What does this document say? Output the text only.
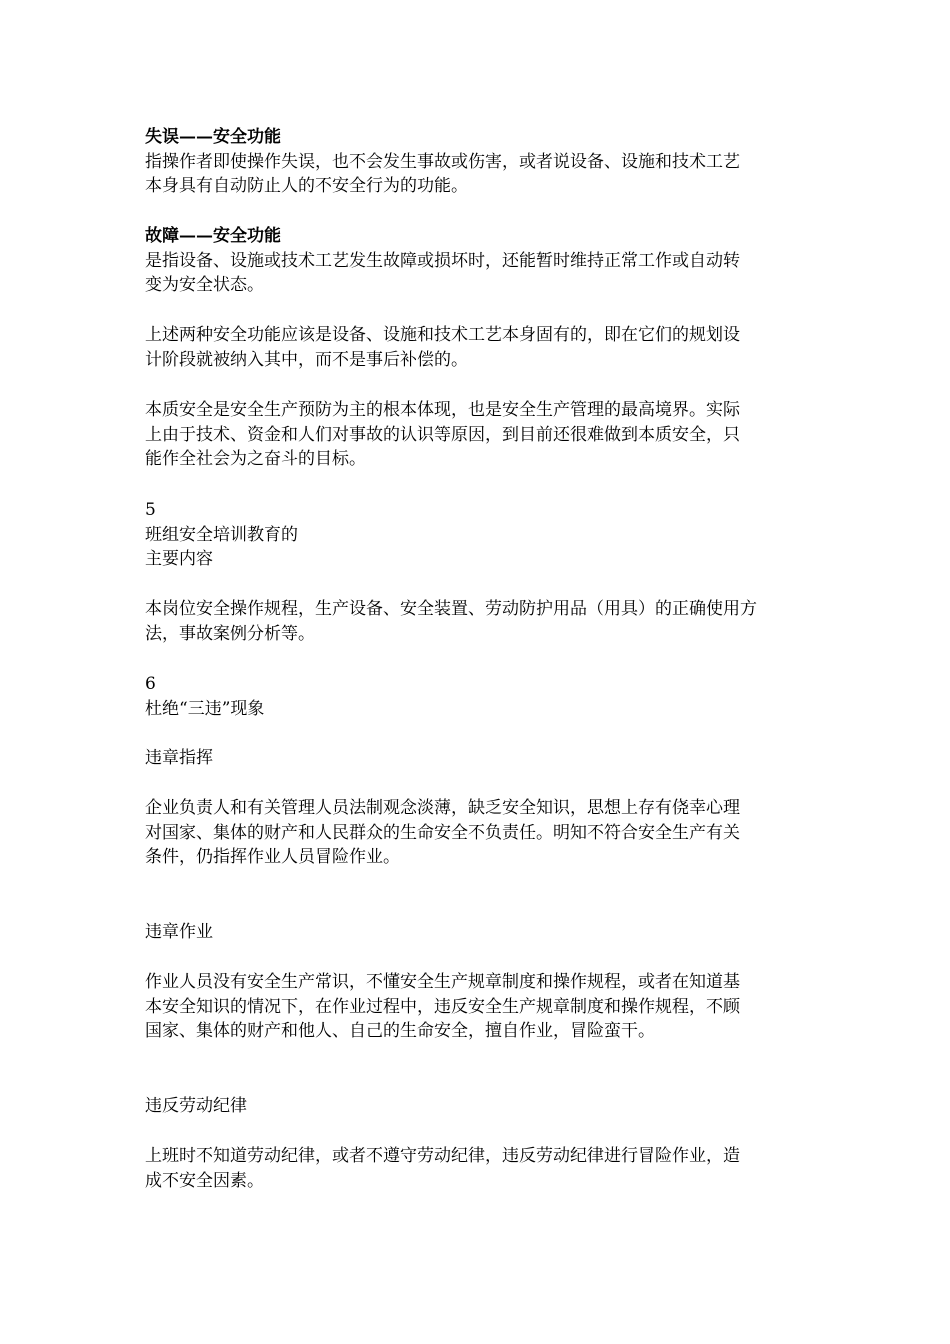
失误——安全功能
指操作者即使操作失误，也不会发生事故或伤害，或者说设备、设施和技术工艺
本身具有自动防止人的不安全行为的功能。
故障——安全功能
是指设备、设施或技术工艺发生故障或损坏时，还能暂时维持正常工作或自动转
变为安全状态。
上述两种安全功能应该是设备、设施和技术工艺本身固有的，即在它们的规划设
计阶段就被纳入其中，而不是事后补偿的。
本质安全是安全生产预防为主的根本体现，也是安全生产管理的最高境界。实际
上由于技术、资金和人们对事故的认识等原因，到目前还很难做到本质安全，只
能作全社会为之奋斗的目标。
5
班组安全培训教育的
主要内容
本岗位安全操作规程，生产设备、安全装置、劳动防护用品（用具）的正确使用方
法，事故案例分析等。
6
杜绝“三违”现象
违章指挥
企业负责人和有关管理人员法制观念淡薄，缺乏安全知识，思想上存有侥幸心理
对国家、集体的财产和人民群众的生命安全不负责任。明知不符合安全生产有关
条件，仍指挥作业人员冒险作业。
违章作业
作业人员没有安全生产常识，不懂安全生产规章制度和操作规程，或者在知道基
本安全知识的情况下，在作业过程中，违反安全生产规章制度和操作规程，不顾
国家、集体的财产和他人、自己的生命安全，擅自作业，冒险蛮干。
违反劳动纪律
上班时不知道劳动纪律，或者不遵守劳动纪律，违反劳动纪律进行冒险作业，造
成不安全因素。
